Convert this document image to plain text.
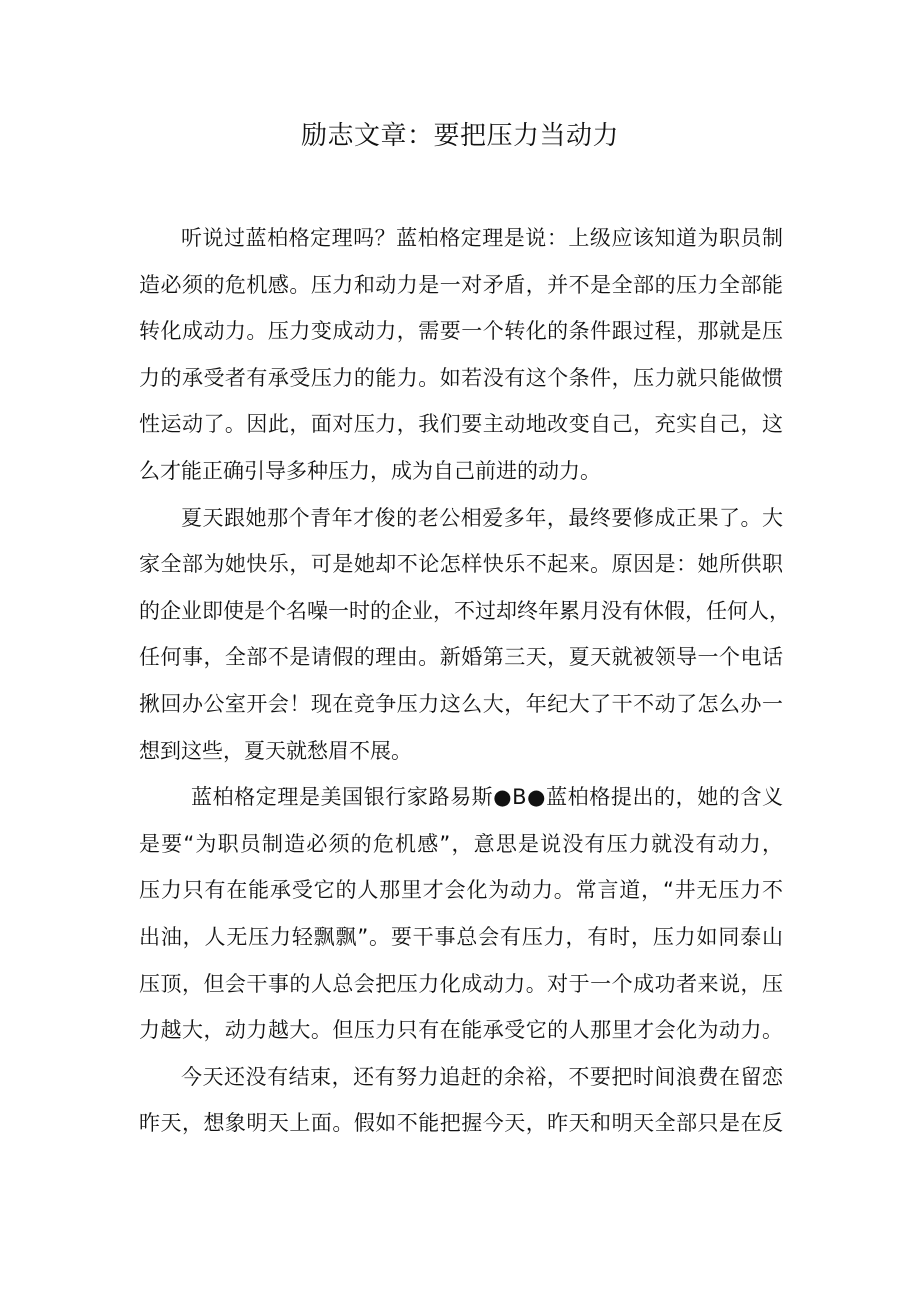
励志文章：要把压力当动力

听说过蓝柏格定理吗？蓝柏格定理是说：上级应该知道为职员制
造必须的危机感。压力和动力是一对矛盾，并不是全部的压力全部能
转化成动力。压力变成动力，需要一个转化的条件跟过程，那就是压
力的承受者有承受压力的能力。如若没有这个条件，压力就只能做惯
性运动了。因此，面对压力，我们要主动地改变自己，充实自己，这
么才能正确引导多种压力，成为自己前进的动力。

夏天跟她那个青年才俊的老公相爱多年，最终要修成正果了。大
家全部为她快乐，可是她却不论怎样快乐不起来。原因是：她所供职
的企业即使是个名噪一时的企业，不过却终年累月没有休假，任何人，
任何事，全部不是请假的理由。新婚第三天，夏天就被领导一个电话
揪回办公室开会！现在竞争压力这么大，年纪大了干不动了怎么办一
想到这些，夏天就愁眉不展。

蓝柏格定理是美国银行家路易斯●B●蓝柏格提出的，她的含义
是要“为职员制造必须的危机感”，意思是说没有压力就没有动力，
压力只有在能承受它的人那里才会化为动力。常言道，“井无压力不
出油，人无压力轻飘飘”。要干事总会有压力，有时，压力如同泰山
压顶，但会干事的人总会把压力化成动力。对于一个成功者来说，压
力越大，动力越大。但压力只有在能承受它的人那里才会化为动力。

今天还没有结束，还有努力追赶的余裕，不要把时间浪费在留恋
昨天，想象明天上面。假如不能把握今天，昨天和明天全部只是在反
